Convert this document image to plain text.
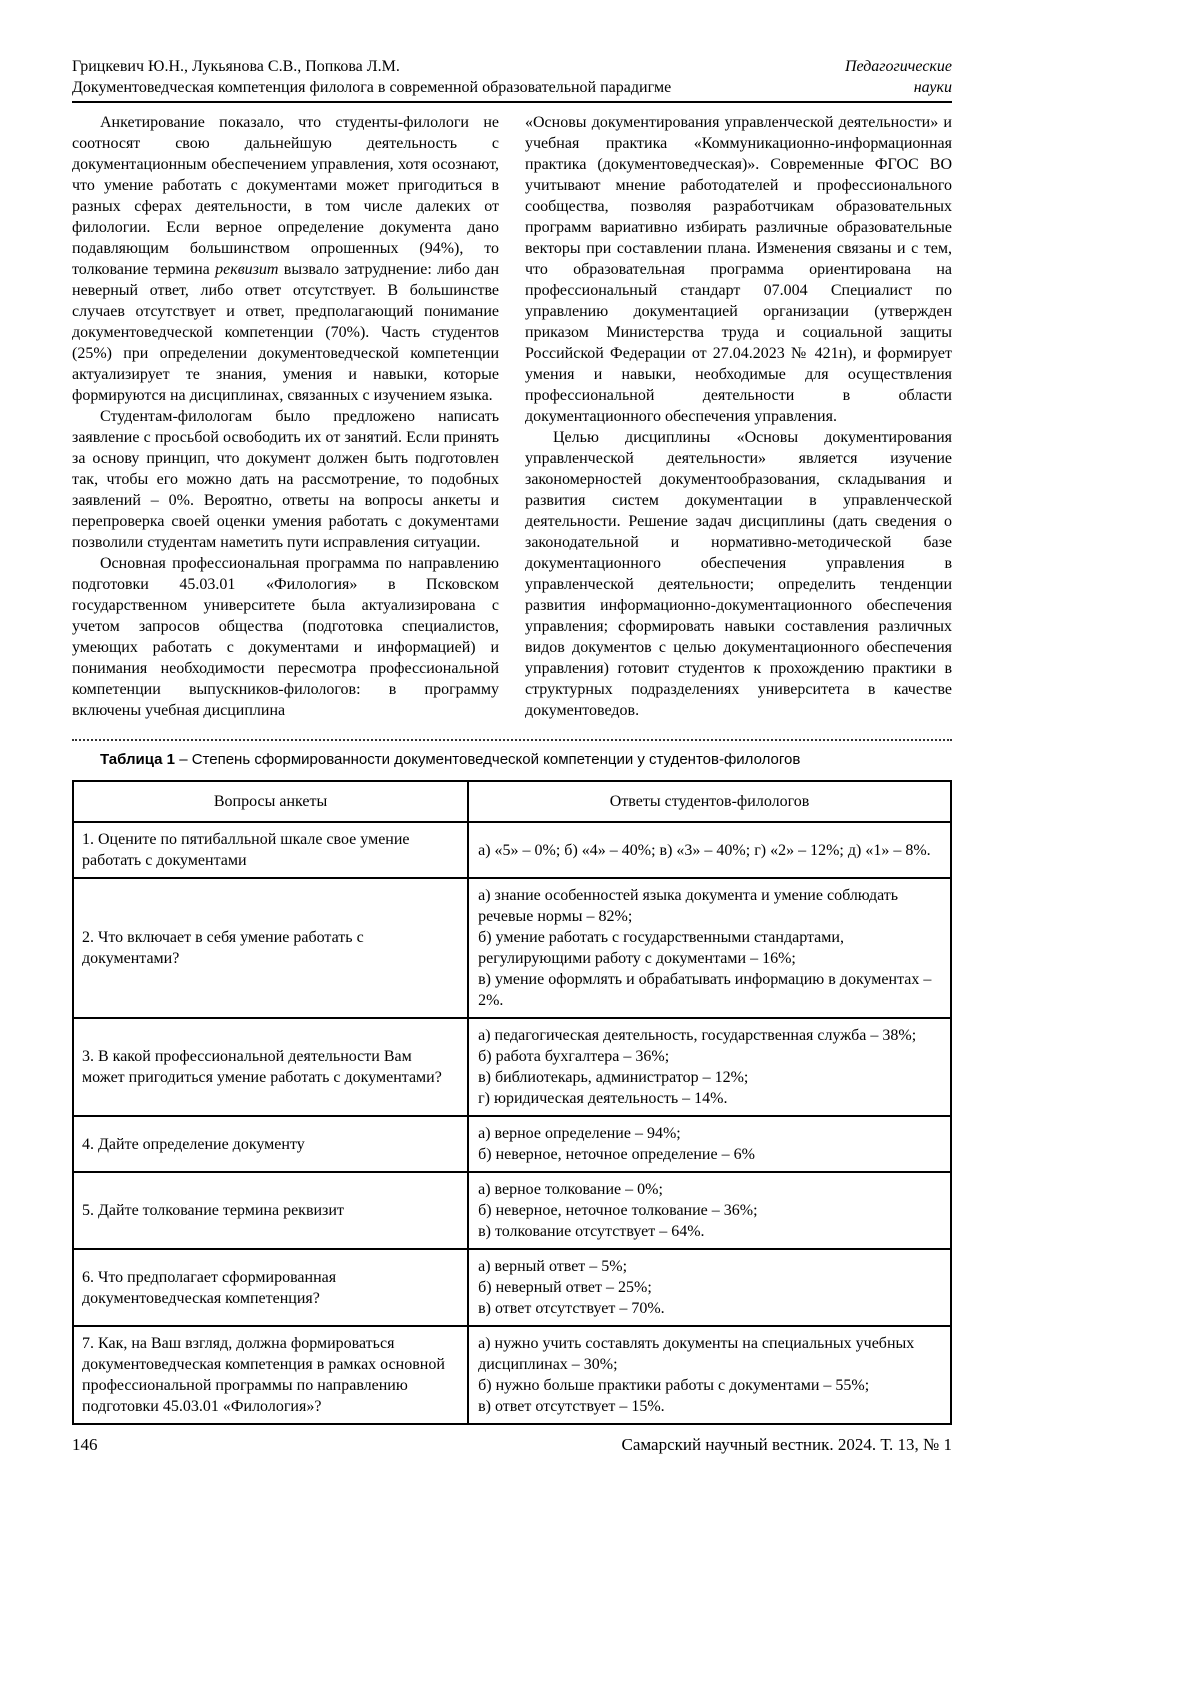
Грицкевич Ю.Н., Лукьянова С.В., Попкова Л.М.	Педагогические
Документоведческая компетенция филолога в современной образовательной парадигме	науки

Анкетирование показало, что студенты-филологи не соотносят свою дальнейшую деятельность с документационным обеспечением управления, хотя осознают, что умение работать с документами может пригодиться в разных сферах деятельности, в том числе далеких от филологии. Если верное определение документа дано подавляющим большинством опрошенных (94%), то толкование термина реквизит вызвало затруднение: либо дан неверный ответ, либо ответ отсутствует. В большинстве случаев отсутствует и ответ, предполагающий понимание документоведческой компетенции (70%). Часть студентов (25%) при определении документоведческой компетенции актуализирует те знания, умения и навыки, которые формируются на дисциплинах, связанных с изучением языка.

Студентам-филологам было предложено написать заявление с просьбой освободить их от занятий. Если принять за основу принцип, что документ должен быть подготовлен так, чтобы его можно дать на рассмотрение, то подобных заявлений – 0%. Вероятно, ответы на вопросы анкеты и перепроверка своей оценки умения работать с документами позволили студентам наметить пути исправления ситуации.

Основная профессиональная программа по направлению подготовки 45.03.01 «Филология» в Псковском государственном университете была актуализирована с учетом запросов общества (подготовка специалистов, умеющих работать с документами и информацией) и понимания необходимости пересмотра профессиональной компетенции выпускников-филологов: в программу включены учебная дисциплина

«Основы документирования управленческой деятельности» и учебная практика «Коммуникационно-информационная практика (документоведческая)». Современные ФГОС ВО учитывают мнение работодателей и профессионального сообщества, позволяя разработчикам образовательных программ вариативно избирать различные образовательные векторы при составлении плана. Изменения связаны и с тем, что образовательная программа ориентирована на профессиональный стандарт 07.004 Специалист по управлению документацией организации (утвержден приказом Министерства труда и социальной защиты Российской Федерации от 27.04.2023 № 421н), и формирует умения и навыки, необходимые для осуществления профессиональной деятельности в области документационного обеспечения управления.

Целью дисциплины «Основы документирования управленческой деятельности» является изучение закономерностей документообразования, складывания и развития систем документации в управленческой деятельности. Решение задач дисциплины (дать сведения о законодательной и нормативно-методической базе документационного обеспечения управления в управленческой деятельности; определить тенденции развития информационно-документационного обеспечения управления; сформировать навыки составления различных видов документов с целью документационного обеспечения управления) готовит студентов к прохождению практики в структурных подразделениях университета в качестве документоведов.

Таблица 1 – Степень сформированности документоведческой компетенции у студентов-филологов
Вопросы анкеты	Ответы студентов-филологов
1. Оцените по пятибалльной шкале свое умение работать с документами	а) «5» – 0%; б) «4» – 40%; в) «3» – 40%; г) «2» – 12%; д) «1» – 8%.

2. Что включает в себя умение работать с документами?	а) знание особенностей языка документа и умение соблюдать речевые нормы – 82%;
б) умение работать с государственными стандартами, регулирующими работу с документами – 16%;
в) умение оформлять и обрабатывать информацию в документах – 2%.

3. В какой профессиональной деятельности Вам может пригодиться умение работать с документами?	а) педагогическая деятельность, государственная служба – 38%;
б) работа бухгалтера – 36%;
в) библиотекарь, администратор – 12%;
г) юридическая деятельность – 14%.

4. Дайте определение документу	а) верное определение – 94%;
б) неверное, неточное определение – 6%

5. Дайте толкование термина реквизит	а) верное толкование – 0%;
б) неверное, неточное толкование – 36%;
в) толкование отсутствует – 64%.

6. Что предполагает сформированная документоведческая компетенция?	а) верный ответ – 5%;
б) неверный ответ – 25%;
в) ответ отсутствует – 70%.

7. Как, на Ваш взгляд, должна формироваться документоведческая компетенция в рамках основной профессиональной программы по направлению подготовки 45.03.01 «Филология»?	а) нужно учить составлять документы на специальных учебных дисциплинах – 30%;
б) нужно больше практики работы с документами – 55%;
в) ответ отсутствует – 15%.
146	Самарский научный вестник. 2024. Т. 13, № 1
